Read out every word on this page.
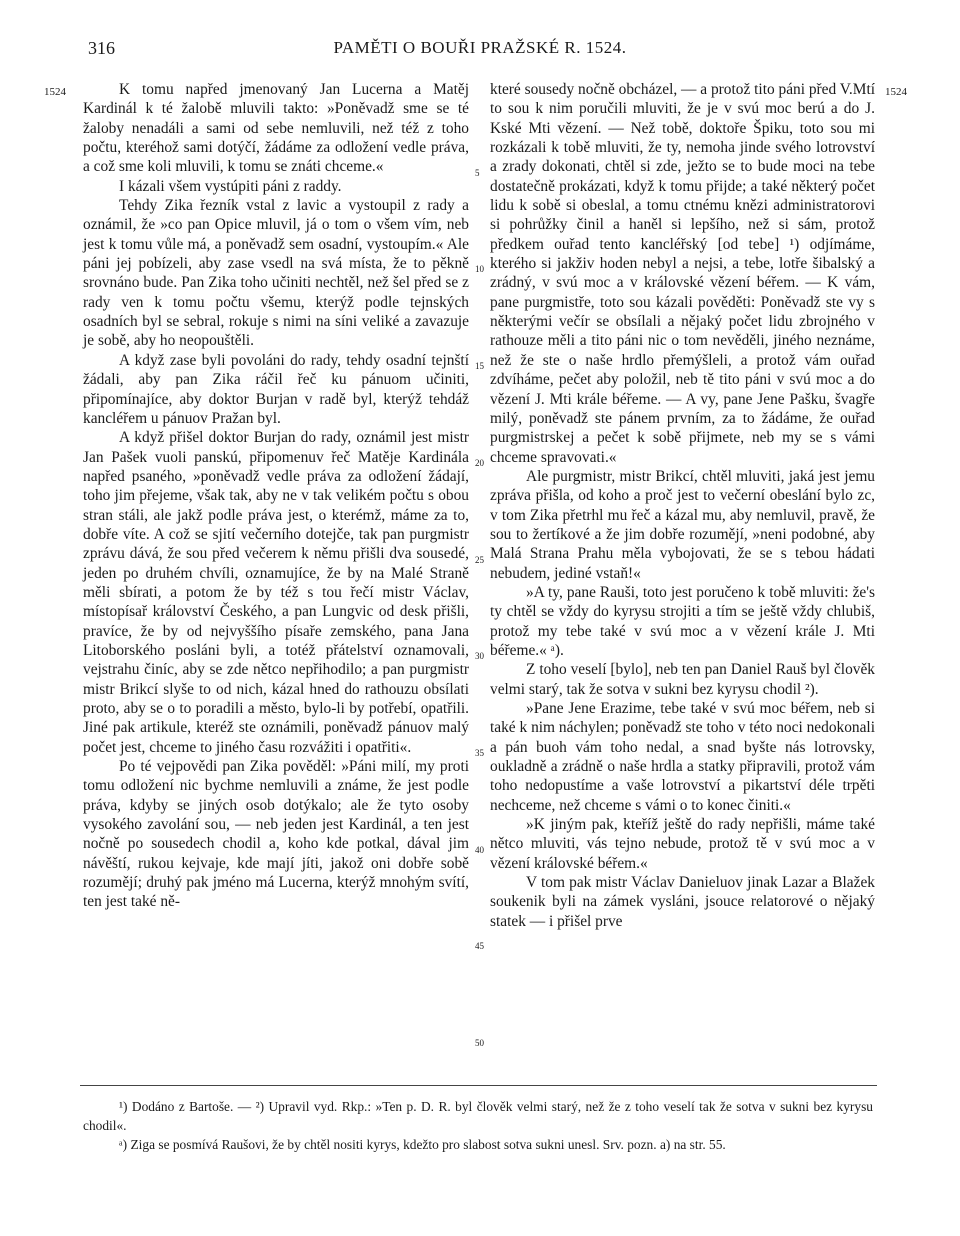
316	PAMĚTI O BOUŘI PRAŽSKÉ R. 1524.
1524	1524
5
10
15
20
25
30
35
40
45
50

K tomu napřed jmenovaný Jan Lucerna a Matěj Kardinál k té žalobě mluvili takto: »Poněvadž sme se té žaloby nenadáli a sami od sebe nemluvili, než též z toho počtu, kteréhož sami dotýčí, žádáme za odložení vedle práva, a což sme koli mluvili, k tomu se znáti chceme.«

I kázali všem vystúpiti páni z raddy.

Tehdy Zika řezník vstal z lavic a vystoupil z rady a oznámil, že »co pan Opice mluvil, já o tom o všem vím, neb jest k tomu vůle má, a poněvadž sem osadní, vystoupím.« Ale páni jej pobízeli, aby zase vsedl na svá místa, že to pěkně srovnáno bude. Pan Zika toho učiniti nechtěl, než šel před se z rady ven k tomu počtu všemu, kterýž podle tejnských osadních byl se sebral, rokuje s nimi na síni veliké a zavazuje je sobě, aby ho neopouštěli.

A když zase byli povoláni do rady, tehdy osadní tejnští žádali, aby pan Zika ráčil řeč ku pánuom učiniti, připomínajíce, aby doktor Burjan v radě byl, kterýž tehdáž kancléřem u pánuov Pražan byl.

A když přišel doktor Burjan do rady, oznámil jest mistr Jan Pašek vuoli panskú, připomenuv řeč Matěje Kardinála napřed psaného, »poněvadž vedle práva za odložení žádají, toho jim přejeme, však tak, aby ne v tak velikém počtu s obou stran stáli, ale jakž podle práva jest, o kterémž, máme za to, dobře víte. A což se sjití večerního dotejče, tak pan purgmistr zprávu dává, že sou před večerem k němu přišli dva sousedé, jeden po druhém chvíli, oznamujíce, že by na Malé Straně měli sbírati, a potom že by též s tou řečí mistr Václav, místopísař království Českého, a pan Lungvic od desk přišli, pravíce, že by od nejvyššího písaře zemského, pana Jana Litoborského posláni byli, a totéž přátelství oznamovali, vejstrahu činíc, aby se zde nětco nepřihodilo; a pan purgmistr mistr Brikcí slyše to od nich, kázal hned do rathouzu obsílati proto, aby se o to poradili a město, bylo-li by potřebí, opatřili. Jiné pak artikule, kteréž ste oznámili, poněvadž pánuov malý počet jest, chceme to jiného času rozvážiti i opatřiti«.

Po té vejpovědi pan Zika pověděl: »Páni milí, my proti tomu odložení nic bychme nemluvili a známe, že jest podle práva, kdyby se jiných osob dotýkalo; ale že tyto osoby vysokého zavolání sou, — neb jeden jest Kardinál, a ten jest nočně po sousedech chodil a, koho kde potkal, dával jim návěští, rukou kejvaje, kde mají jíti, jakož oni dobře sobě rozumějí; druhý pak jméno má Lucerna, kterýž mnohým svítí, ten jest také ně-

které sousedy nočně obcházel, — a protož tito páni před V.Mtí to sou k nim poručili mluviti, že je v svú moc berú a do J. Kské Mti vězení. — Než tobě, doktoře Špiku, toto sou mi rozkázali k tobě mluviti, že ty, nemoha jinde svého lotrovství a zrady dokonati, chtěl si zde, ježto se to bude moci na tebe dostatečně prokázati, když k tomu přijde; a také některý počet lidu k sobě si obeslal, a tomu ctnému knězi administratorovi si pohrůžky činil a haněl si lepšího, než si sám, protož předkem ouřad tento kancléřský [od tebe] ¹) odjímáme, kterého si jakživ hoden nebyl a nejsi, a tebe, lotře šibalský a zrádný, v svú moc a v královské vězení béřem. — K vám, pane purgmistře, toto sou kázali pověděti: Poněvadž ste vy s některými večír se obsílali a nějaký počet lidu zbrojného v rathouze měli a tito páni nic o tom nevěděli, jiného neznáme, než že ste o naše hrdlo přemýšleli, a protož vám ouřad zdvíháme, pečet aby položil, neb tě tito páni v svú moc a do vězení J. Mti krále béřeme. — A vy, pane Jene Pašku, švagře milý, poněvadž ste pánem prvním, za to žádáme, že ouřad purgmistrskej a pečet k sobě přijmete, neb my se s vámi chceme spravovati.«

Ale purgmistr, mistr Brikcí, chtěl mluviti, jaká jest jemu zpráva přišla, od koho a proč jest to večerní obeslání bylo zc, v tom Zika přetrhl mu řeč a kázal mu, aby nemluvil, pravě, že sou to žertíkové a že jim dobře rozumějí, »neni podobné, aby Malá Strana Prahu měla vybojovati, že se s tebou hádati nebudem, jediné vstaň!«

»A ty, pane Rauši, toto jest poručeno k tobě mluviti: že's ty chtěl se vždy do kyrysu strojiti a tím se ještě vždy chlubiš, protož my tebe také v svú moc a v vězení krále J. Mti béřeme.« ᵃ).

Z toho veselí [bylo], neb ten pan Daniel Rauš byl člověk velmi starý, tak že sotva v sukni bez kyrysu chodil ²).

»Pane Jene Erazime, tebe také v svú moc béřem, neb si také k nim náchylen; poněvadž ste toho v této noci nedokonali a pán buoh vám toho nedal, a snad byšte nás lotrovsky, oukladně a zrádně o naše hrdla a statky připravili, protož vám toho nedopustíme a vaše lotrovství a pikartství déle trpěti nechceme, než chceme s vámi o to konec činiti.«

»K jiným pak, kteříž ještě do rady nepřišli, máme také nětco mluviti, vás tejno nebude, protož tě v svú moc a v vězení královské béřem.«

V tom pak mistr Václav Danieluov jinak Lazar a Blažek soukenik byli na zámek vysláni, jsouce relatorové o nějaký statek — i přišel prve

¹) Dodáno z Bartoše. — ²) Upravil vyd. Rkp.: »Ten p. D. R. byl člověk velmi starý, než že z toho veselí tak že sotva v sukni bez kyrysu chodil«.

ᵃ) Ziga se posmívá Raušovi, že by chtěl nositi kyrys, kdežto pro slabost sotva sukni unesl. Srv. pozn. a) na str. 55.
